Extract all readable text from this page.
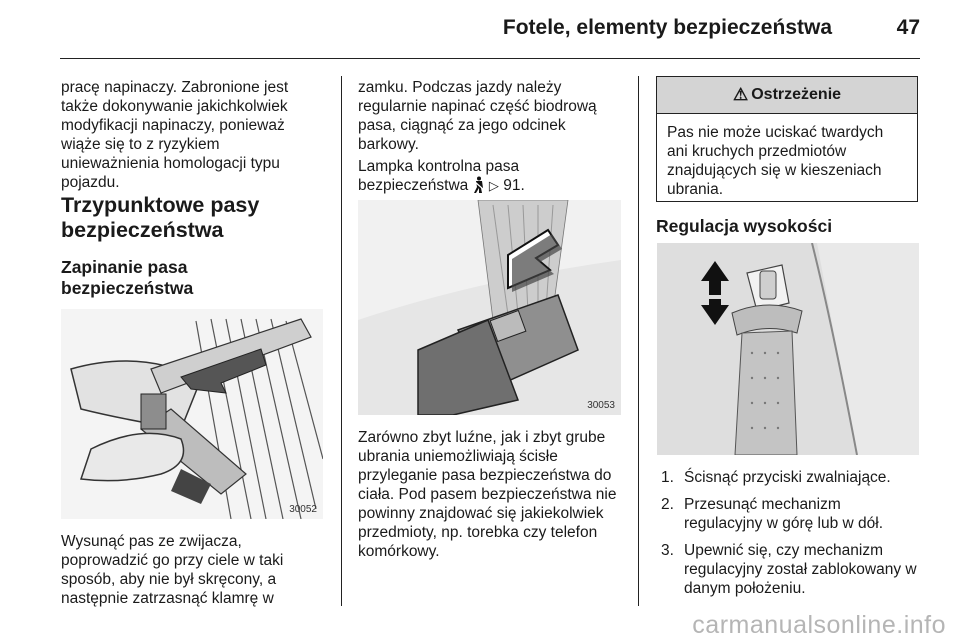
Fotele, elementy bezpieczeństwa	47
pracę napinaczy. Zabronione jest
także dokonywanie jakichkolwiek
modyfikacji napinaczy, ponieważ
wiąże się to z ryzykiem
unieważnienia homologacji typu
pojazdu.
Trzypunktowe pasy
bezpieczeństwa
Zapinanie pasa
bezpieczeństwa
30052
Wysunąć pas ze zwijacza,
poprowadzić go przy ciele w taki
sposób, aby nie był skręcony, a
następnie zatrzasnąć klamrę w
zamku. Podczas jazdy należy
regularnie napinać część biodrową
pasa, ciągnąć za jego odcinek
barkowy.
Lampka kontrolna pasa
bezpieczeństwa ▷ 91.
30053
Zarówno zbyt luźne, jak i zbyt grube
ubrania uniemożliwiają ścisłe
przyleganie pasa bezpieczeństwa do
ciała. Pod pasem bezpieczeństwa nie
powinny znajdować się jakiekolwiek
przedmioty, np. torebka czy telefon
komórkowy.
⚠ Ostrzeżenie
Pas nie może uciskać twardych
ani kruchych przedmiotów
znajdujących się w kieszeniach
ubrania.
Regulacja wysokości
1. Ścisnąć przyciski zwalniające.
2. Przesunąć mechanizm
regulacyjny w górę lub w dół.
3. Upewnić się, czy mechanizm
regulacyjny został zablokowany w
danym położeniu.
carmanualsonline.info
